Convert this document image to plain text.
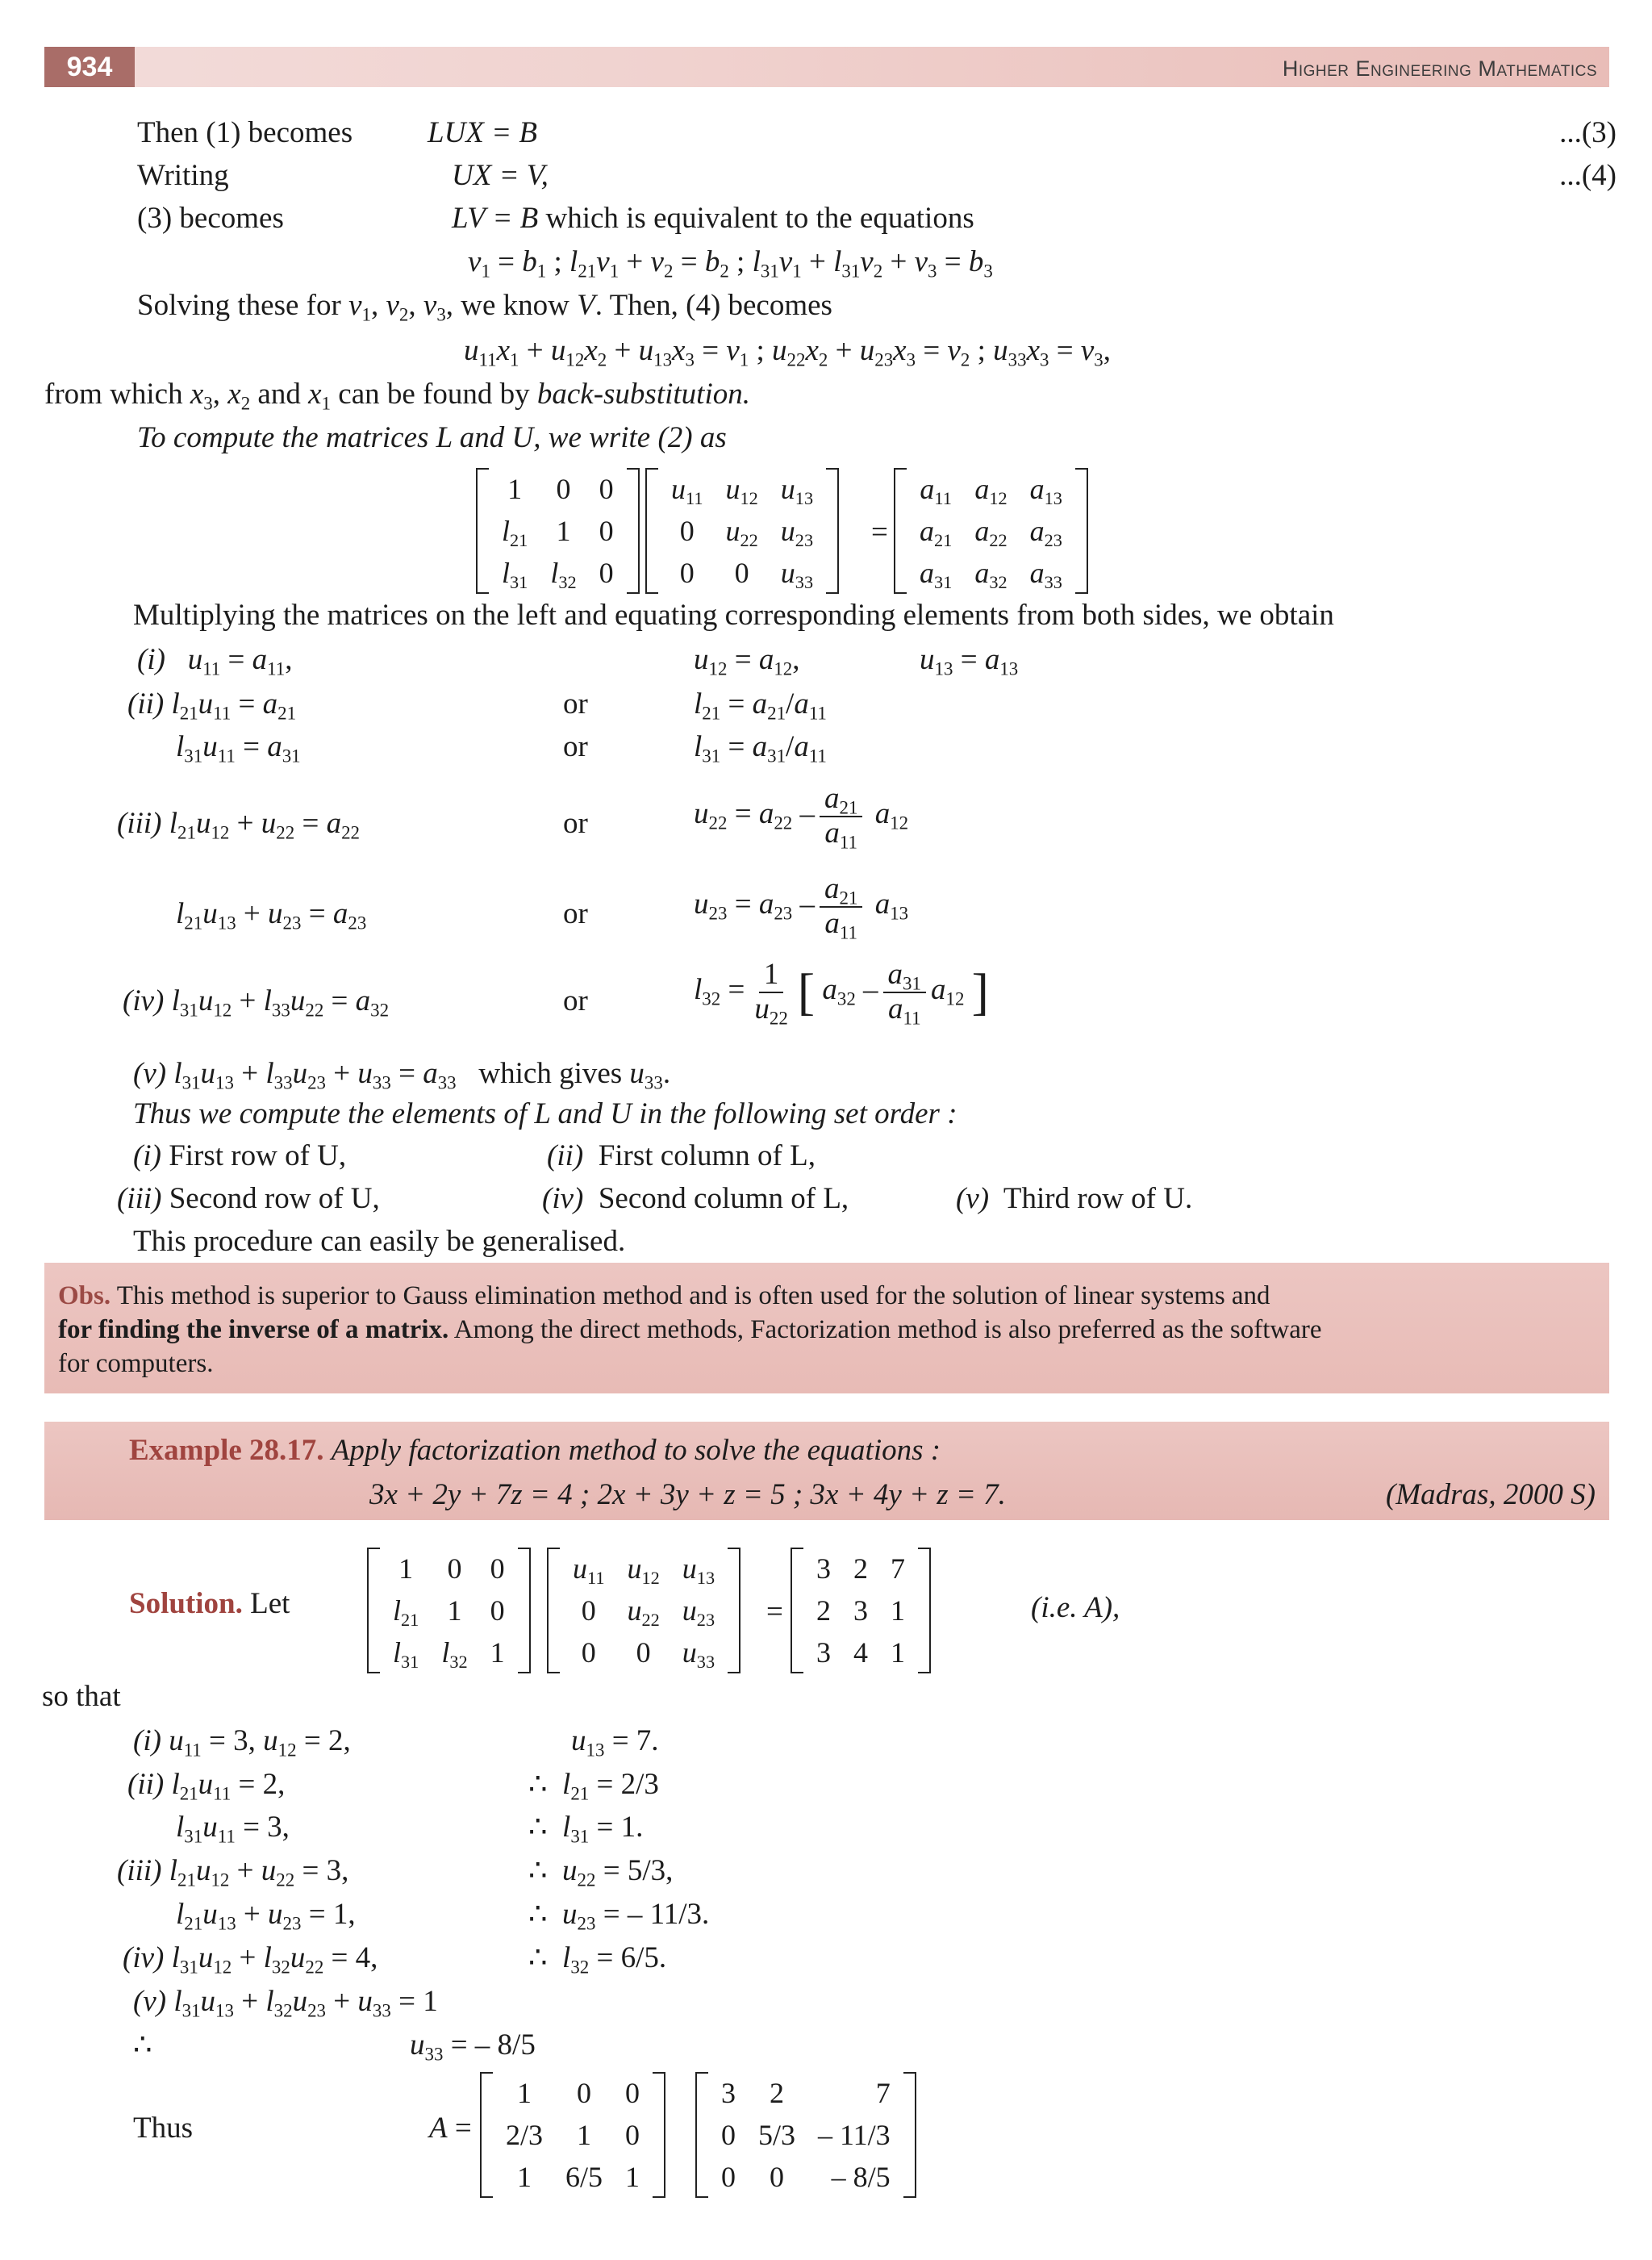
934	Higher Engineering Mathematics
Then (1) becomes	LUX = B	...(3)
Writing	UX = V,	...(4)
(3) becomes	LV = B which is equivalent to the equations
$v_1 = b_1$ ; $l_{21}v_1 + v_2 = b_2$ ; $l_{31}v_1 + l_{31}v_2 + v_3 = b_3$
Solving these for $v_1$, $v_2$, $v_3$, we know V. Then, (4) becomes
$u_{11}x_1 + u_{12}x_2 + u_{13}x_3 = v_1$ ; $u_{22}x_2 + u_{23}x_3 = v_2$ ; $u_{33}x_3 = v_3$,
from which $x_3$, $x_2$ and $x_1$ can be found by back-substitution.
To compute the matrices L and U, we write (2) as
1	0	0
$l_{21}$	1	0
$l_{31}$	$l_{32}$	0
$u_{11}$	$u_{12}$	$u_{13}$
0	$u_{22}$	$u_{23}$
0	0	$u_{33}$
=
$a_{11}$	$a_{12}$	$a_{13}$
$a_{21}$	$a_{22}$	$a_{23}$
$a_{31}$	$a_{32}$	$a_{33}$
Multiplying the matrices on the left and equating corresponding elements from both sides, we obtain
(i) $u_{11} = a_{11}$,	$u_{12} = a_{12}$,	$u_{13} = a_{13}$
(ii) $l_{21}u_{11} = a_{21}$	or	$l_{21} = a_{21}/a_{11}$
$l_{31}u_{11} = a_{31}$	or	$l_{31} = a_{31}/a_{11}$
(iii) $l_{21}u_{12} + u_{22} = a_{22}$	or	$u_{22} = a_{22} - \frac{a_{21}}{a_{11}} a_{12}$
$l_{21}u_{13} + u_{23} = a_{23}$	or	$u_{23} = a_{23} - \frac{a_{21}}{a_{11}} a_{13}$
(iv) $l_{31}u_{12} + l_{33}u_{22} = a_{32}$	or	$l_{32} = \frac{1}{u_{22}}$ [ $a_{32} - \frac{a_{31}}{a_{11}} a_{12}$ ]
(v) $l_{31}u_{13} + l_{33}u_{23} + u_{33} = a_{33}$ which gives $u_{33}$.
Thus we compute the elements of L and U in the following set order :
(i) First row of U,	(ii) First column of L,
(iii) Second row of U,	(iv) Second column of L,	(v) Third row of U.
This procedure can easily be generalised.
Obs. This method is superior to Gauss elimination method and is often used for the solution of linear systems and
for finding the inverse of a matrix. Among the direct methods, Factorization method is also preferred as the software
for computers.
Example 28.17. Apply factorization method to solve the equations :
3x + 2y + 7z = 4 ; 2x + 3y + z = 5 ; 3x + 4y + z = 7.	(Madras, 2000 S)
Solution. Let
1	0	0
$l_{21}$	1	0
$l_{31}$	$l_{32}$	1
$u_{11}$	$u_{12}$	$u_{13}$
0	$u_{22}$	$u_{23}$
0	0	$u_{33}$
=
3	2	7
2	3	1
3	4	1
(i.e. A),
so that
(i) $u_{11} = 3$, $u_{12} = 2$,	$u_{13} = 7$.
(ii) $l_{21}u_{11} = 2$,	∴  $l_{21} = 2/3$
$l_{31}u_{11} = 3$,	∴  $l_{31} = 1$.
(iii) $l_{21}u_{12} + u_{22} = 3$,	∴  $u_{22} = 5/3$,
$l_{21}u_{13} + u_{23} = 1$,	∴  $u_{23}$ = – 11/3.
(iv) $l_{31}u_{12} + l_{32}u_{22} = 4$,	∴  $l_{32} = 6/5$.
(v) $l_{31}u_{13} + l_{32}u_{23} + u_{33} = 1$
∴	$u_{33}$ = – 8/5
Thus	A =
1	0	0
2/3	1	0
1	6/5	1
3	2	7
0	5/3	– 11/3
0	0	– 8/5
